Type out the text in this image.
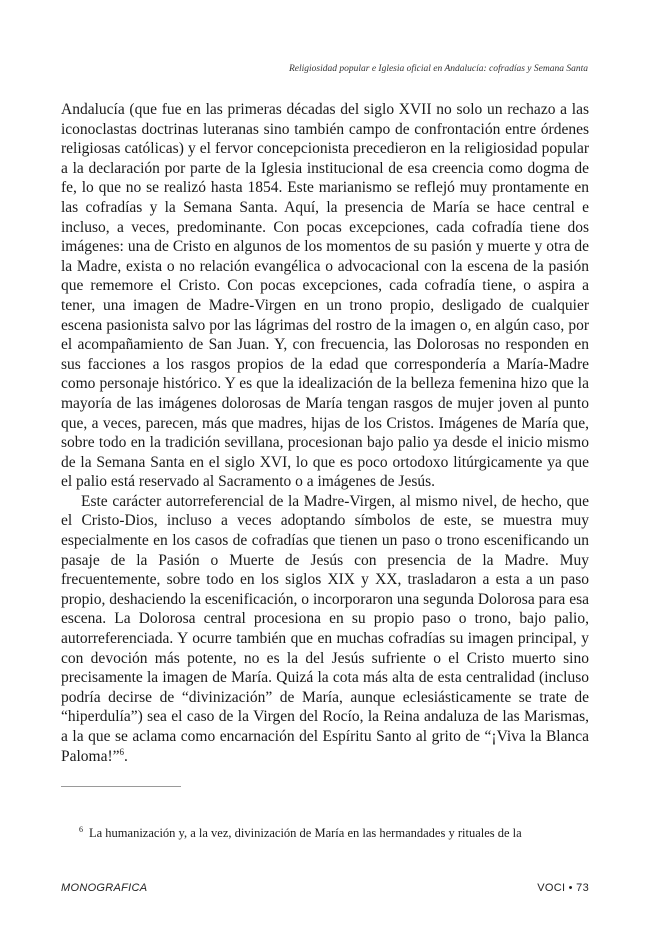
Religiosidad popular e Iglesia oficial en Andalucía: cofradías y Semana Santa

Andalucía (que fue en las primeras décadas del siglo XVII no solo un rechazo a las iconoclastas doctrinas luteranas sino también campo de confrontación entre órdenes religiosas católicas) y el fervor concepcionista precedieron en la religiosidad popular a la declaración por parte de la Iglesia institucional de esa creencia como dogma de fe, lo que no se realizó hasta 1854. Este marianismo se reflejó muy prontamente en las cofradías y la Semana Santa. Aquí, la presencia de María se hace central e incluso, a veces, predominante. Con pocas excepciones, cada cofradía tiene dos imágenes: una de Cristo en algunos de los momentos de su pasión y muerte y otra de la Madre, exista o no relación evangélica o advocacional con la escena de la pasión que rememore el Cristo. Con pocas excepciones, cada cofradía tiene, o aspira a tener, una imagen de Madre-Virgen en un trono propio, desligado de cualquier escena pasionista salvo por las lágrimas del rostro de la imagen o, en algún caso, por el acompañamiento de San Juan. Y, con frecuencia, las Dolorosas no responden en sus facciones a los rasgos propios de la edad que correspondería a María-Madre como personaje histórico. Y es que la idealización de la belleza femenina hizo que la mayoría de las imágenes dolorosas de María tengan rasgos de mujer joven al punto que, a veces, parecen, más que madres, hijas de los Cristos. Imágenes de María que, sobre todo en la tradición sevillana, procesionan bajo palio ya desde el inicio mismo de la Semana Santa en el siglo XVI, lo que es poco ortodoxo litúrgicamente ya que el palio está reservado al Sacramento o a imágenes de Jesús.

Este carácter autorreferencial de la Madre-Virgen, al mismo nivel, de hecho, que el Cristo-Dios, incluso a veces adoptando símbolos de este, se muestra muy especialmente en los casos de cofradías que tienen un paso o trono escenificando un pasaje de la Pasión o Muerte de Jesús con presencia de la Madre. Muy frecuentemente, sobre todo en los siglos XIX y XX, trasladaron a esta a un paso propio, deshaciendo la escenificación, o incorporaron una segunda Dolorosa para esa escena. La Dolorosa central procesiona en su propio paso o trono, bajo palio, autorreferenciada. Y ocurre también que en muchas cofradías su imagen principal, y con devoción más potente, no es la del Jesús sufriente o el Cristo muerto sino precisamente la imagen de María. Quizá la cota más alta de esta centralidad (incluso podría decirse de “divinización” de María, aunque eclesiásticamente se trate de “hiperdulía”) sea el caso de la Virgen del Rocío, la Reina andaluza de las Marismas, a la que se aclama como encarnación del Espíritu Santo al grito de “¡Viva la Blanca Paloma!”$^6$.

$^6$ La humanización y, a la vez, divinización de María en las hermandades y rituales de la
MONOGRAFICA	VOCI • 73
